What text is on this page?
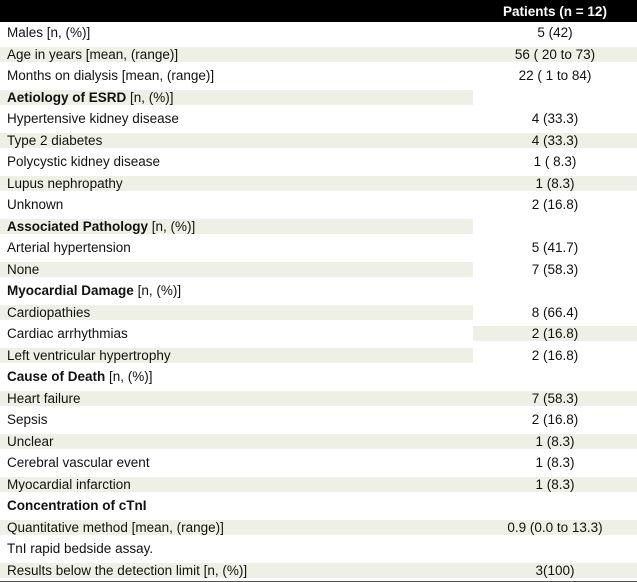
Patients (n = 12)
Males [n, (%)]	5 (42)
Age in years [mean, (range)]	56 ( 20 to 73)
Months on dialysis [mean, (range)]	22 ( 1 to 84)
Aetiology of ESRD [n, (%)]
Hypertensive kidney disease	4 (33.3)
Type 2 diabetes	4 (33.3)
Polycystic kidney disease	1 ( 8.3)
Lupus nephropathy	1 (8.3)
Unknown	2 (16.8)
Associated Pathology [n, (%)]
Arterial hypertension	5 (41.7)
None	7 (58.3)
Myocardial Damage [n, (%)]
Cardiopathies	8 (66.4)
Cardiac arrhythmias	2 (16.8)
Left ventricular hypertrophy	2 (16.8)
Cause of Death [n, (%)]
Heart failure	7 (58.3)
Sepsis	2 (16.8)
Unclear	1 (8.3)
Cerebral vascular event	1 (8.3)
Myocardial infarction	1 (8.3)
Concentration of cTnI
Quantitative method [mean, (range)]	0.9 (0.0 to 13.3)
TnI rapid bedside assay.
Results below the detection limit [n, (%)]	3(100)
